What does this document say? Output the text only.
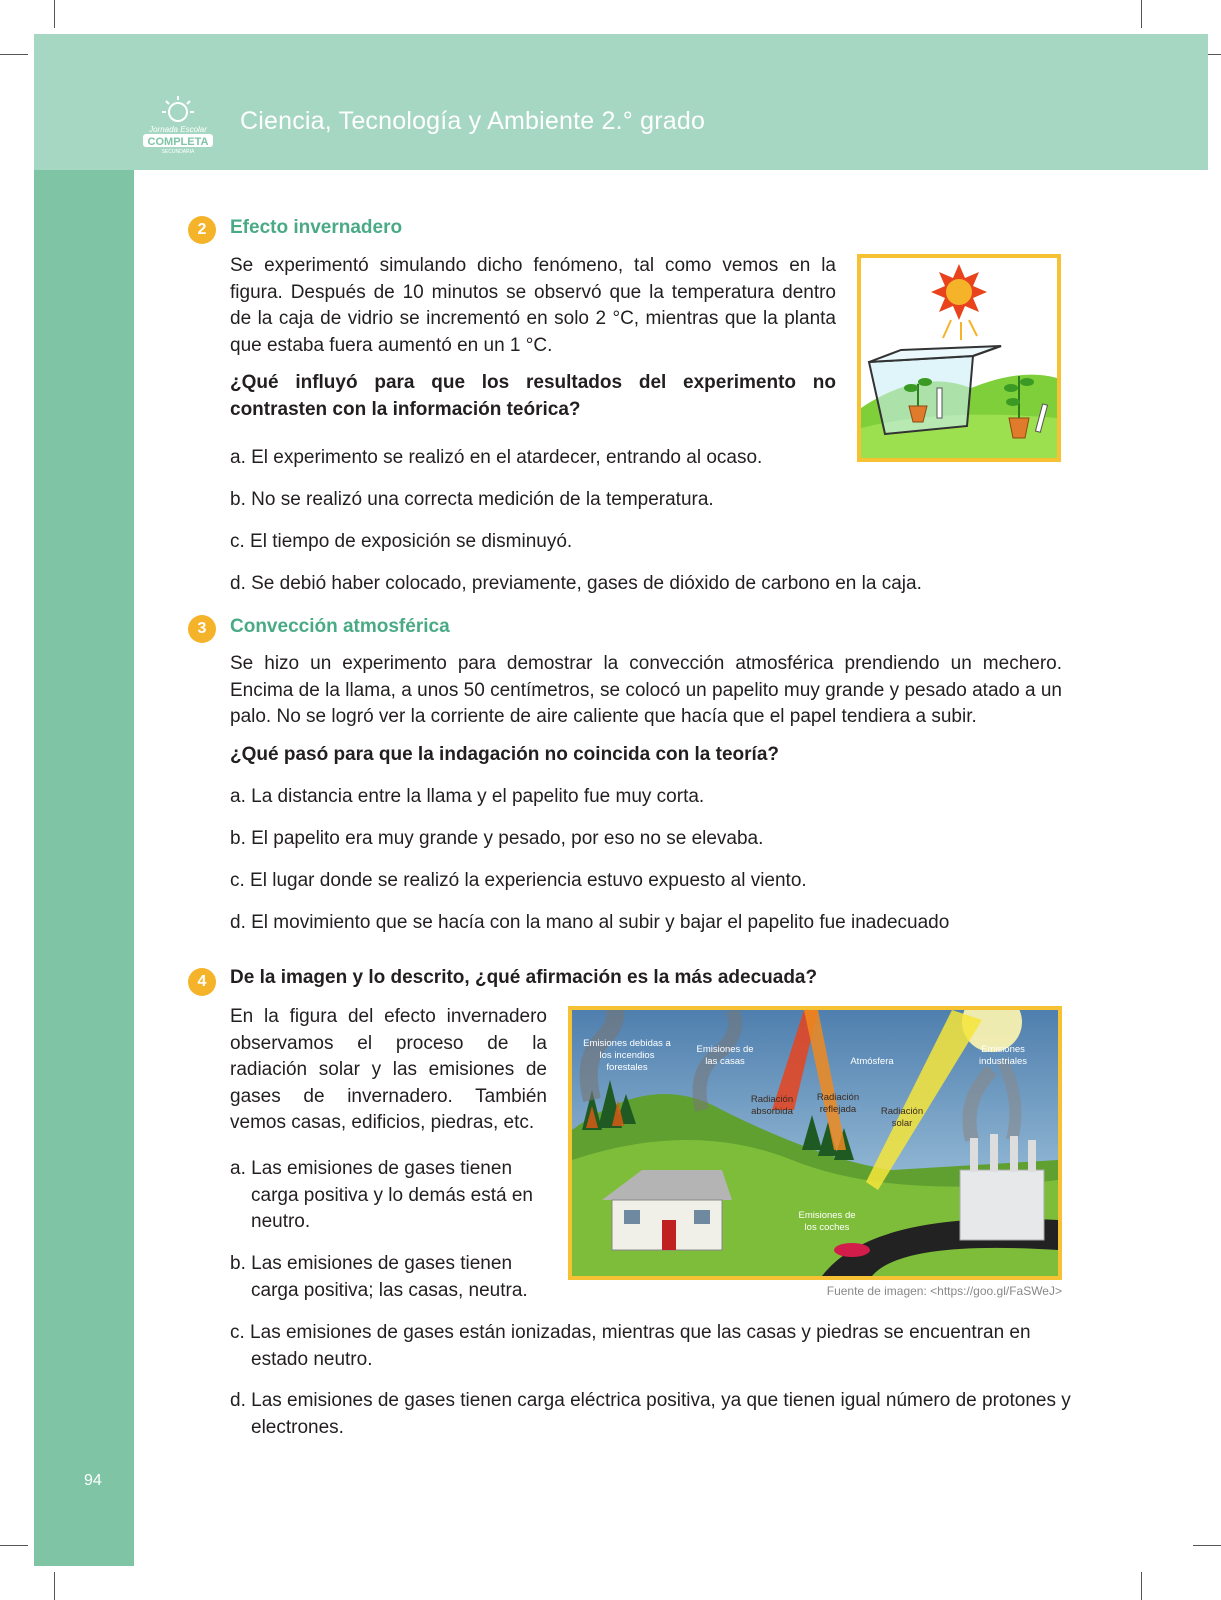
Jornada Escolar
COMPLETA
SECUNDARIA
Ciencia, Tecnología y Ambiente 2.° grado
94
2	Efecto invernadero
Se experimentó simulando dicho fenómeno, tal como vemos en la figura. Después de 10 minutos se observó que la temperatura dentro de la caja de vidrio se incrementó en solo 2 °C, mientras que la planta que estaba fuera aumentó en un 1 °C.
¿Qué influyó para que los resultados del experimento no contrasten con la información teórica?
a. El experimento se realizó en el atardecer, entrando al ocaso.
b. No se realizó una correcta medición de la temperatura.
c. El tiempo de exposición se disminuyó.
d. Se debió haber colocado, previamente, gases de dióxido de carbono en la caja.
3	Convección atmosférica
Se hizo un experimento para demostrar la convección atmosférica prendiendo un mechero. Encima de la llama, a unos 50 centímetros, se colocó un papelito muy grande y pesado atado a un palo. No se logró ver la corriente de aire caliente que hacía que el papel tendiera a subir.
¿Qué pasó para que la indagación no coincida con la teoría?
a. La distancia entre la llama y el papelito fue muy corta.
b. El papelito era muy grande y pesado, por eso no se elevaba.
c. El lugar donde se realizó la experiencia estuvo expuesto al viento.
d. El movimiento que se hacía con la mano al subir y bajar el papelito fue inadecuado
4	De la imagen y lo descrito, ¿qué afirmación es la más adecuada?
En la figura del efecto invernadero observamos el proceso de la radiación solar y las emisiones de gases de invernadero. También vemos casas, edificios, piedras, etc.
a. Las emisiones de gases tienen carga positiva y lo demás está en neutro.
b. Las emisiones de gases tienen carga positiva; las casas, neutra.
c. Las emisiones de gases están ionizadas, mientras que las casas y piedras se encuentran en estado neutro.
d. Las emisiones de gases tienen carga eléctrica positiva, ya que tienen igual número de protones y electrones.
Emisiones debidas a los incendios forestales
Emisiones de las casas	Atmósfera
Emisiones industriales
Radiación absorbida
Radiación reflejada	Radiación solar
Emisiones de los coches
Fuente de imagen: <https://goo.gl/FaSWeJ>
